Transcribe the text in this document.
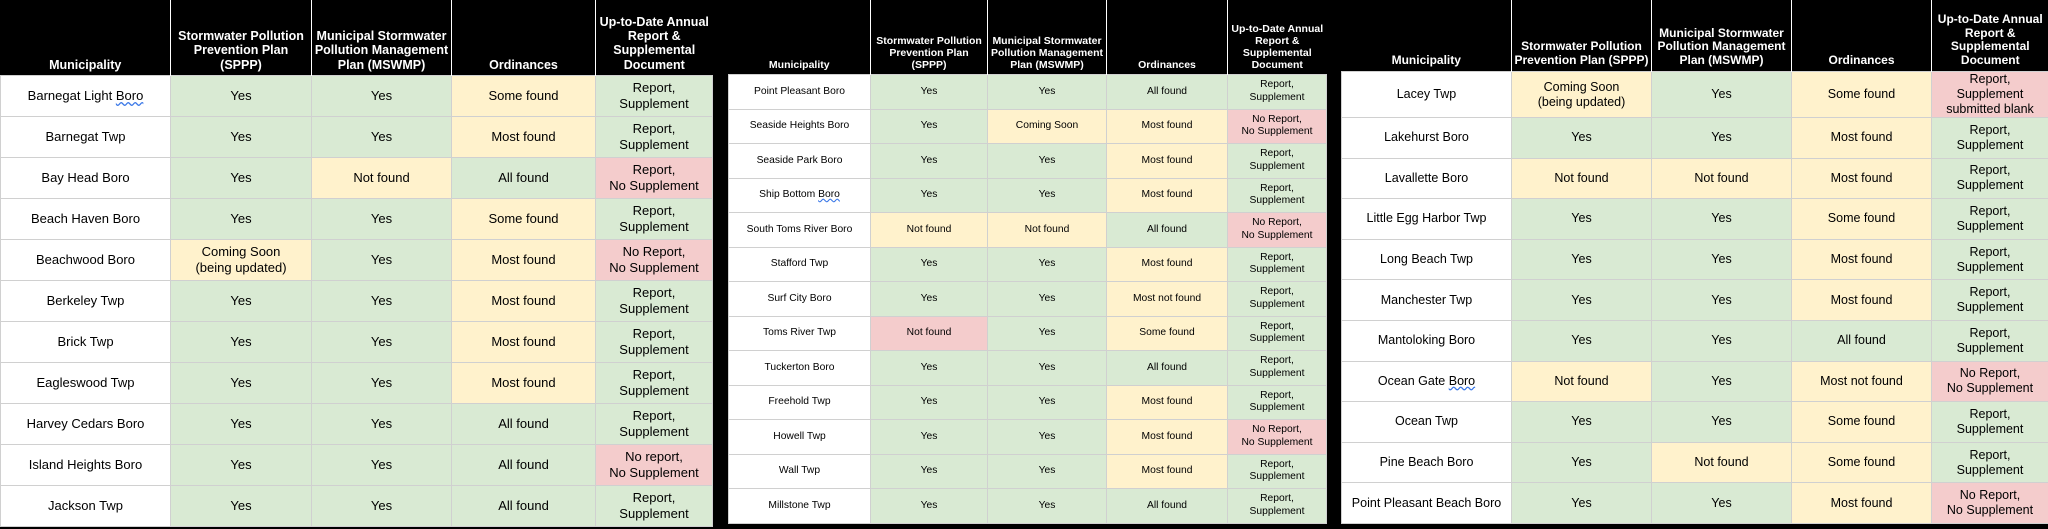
Municipality	Stormwater Pollution Prevention Plan (SPPP)	Municipal Stormwater Pollution Management Plan (MSWMP)	Ordinances	Up-to-Date Annual Report & Supplemental Document
Barnegat Light Boro	Yes	Yes	Some found	Report,
Supplement
Barnegat Twp	Yes	Yes	Most found	Report,
Supplement
Bay Head Boro	Yes	Not found	All found	Report,
No Supplement
Beach Haven Boro	Yes	Yes	Some found	Report,
Supplement
Beachwood Boro	Coming Soon
(being updated)	Yes	Most found	No Report,
No Supplement
Berkeley Twp	Yes	Yes	Most found	Report,
Supplement
Brick Twp	Yes	Yes	Most found	Report,
Supplement
Eagleswood Twp	Yes	Yes	Most found	Report,
Supplement
Harvey Cedars Boro	Yes	Yes	All found	Report,
Supplement
Island Heights Boro	Yes	Yes	All found	No report,
No Supplement
Jackson Twp	Yes	Yes	All found	Report,
Supplement
Municipality	Stormwater Pollution Prevention Plan (SPPP)	Municipal Stormwater Pollution Management Plan (MSWMP)	Ordinances	Up-to-Date Annual Report & Supplemental Document
Point Pleasant Boro	Yes	Yes	All found	Report,
Supplement
Seaside Heights Boro	Yes	Coming Soon	Most found	No Report,
No Supplement
Seaside Park Boro	Yes	Yes	Most found	Report,
Supplement
Ship Bottom Boro	Yes	Yes	Most found	Report,
Supplement
South Toms River Boro	Not found	Not found	All found	No Report,
No Supplement
Stafford Twp	Yes	Yes	Most found	Report,
Supplement
Surf City Boro	Yes	Yes	Most not found	Report,
Supplement
Toms River Twp	Not found	Yes	Some found	Report,
Supplement
Tuckerton Boro	Yes	Yes	All found	Report,
Supplement
Freehold Twp	Yes	Yes	Most found	Report,
Supplement
Howell Twp	Yes	Yes	Most found	No Report,
No Supplement
Wall Twp	Yes	Yes	Most found	Report,
Supplement
Millstone Twp	Yes	Yes	All found	Report,
Supplement
Municipality	Stormwater Pollution Prevention Plan (SPPP)	Municipal Stormwater Pollution Management Plan (MSWMP)	Ordinances	Up-to-Date Annual Report & Supplemental Document
Lacey Twp	Coming Soon
(being updated)	Yes	Some found	Report,
Supplement
submitted blank
Lakehurst Boro	Yes	Yes	Most found	Report,
Supplement
Lavallette Boro	Not found	Not found	Most found	Report,
Supplement
Little Egg Harbor Twp	Yes	Yes	Some found	Report,
Supplement
Long Beach Twp	Yes	Yes	Most found	Report,
Supplement
Manchester Twp	Yes	Yes	Most found	Report,
Supplement
Mantoloking Boro	Yes	Yes	All found	Report,
Supplement
Ocean Gate Boro	Not found	Yes	Most not found	No Report,
No Supplement
Ocean Twp	Yes	Yes	Some found	Report,
Supplement
Pine Beach Boro	Yes	Not found	Some found	Report,
Supplement
Point Pleasant Beach Boro	Yes	Yes	Most found	No Report,
No Supplement
